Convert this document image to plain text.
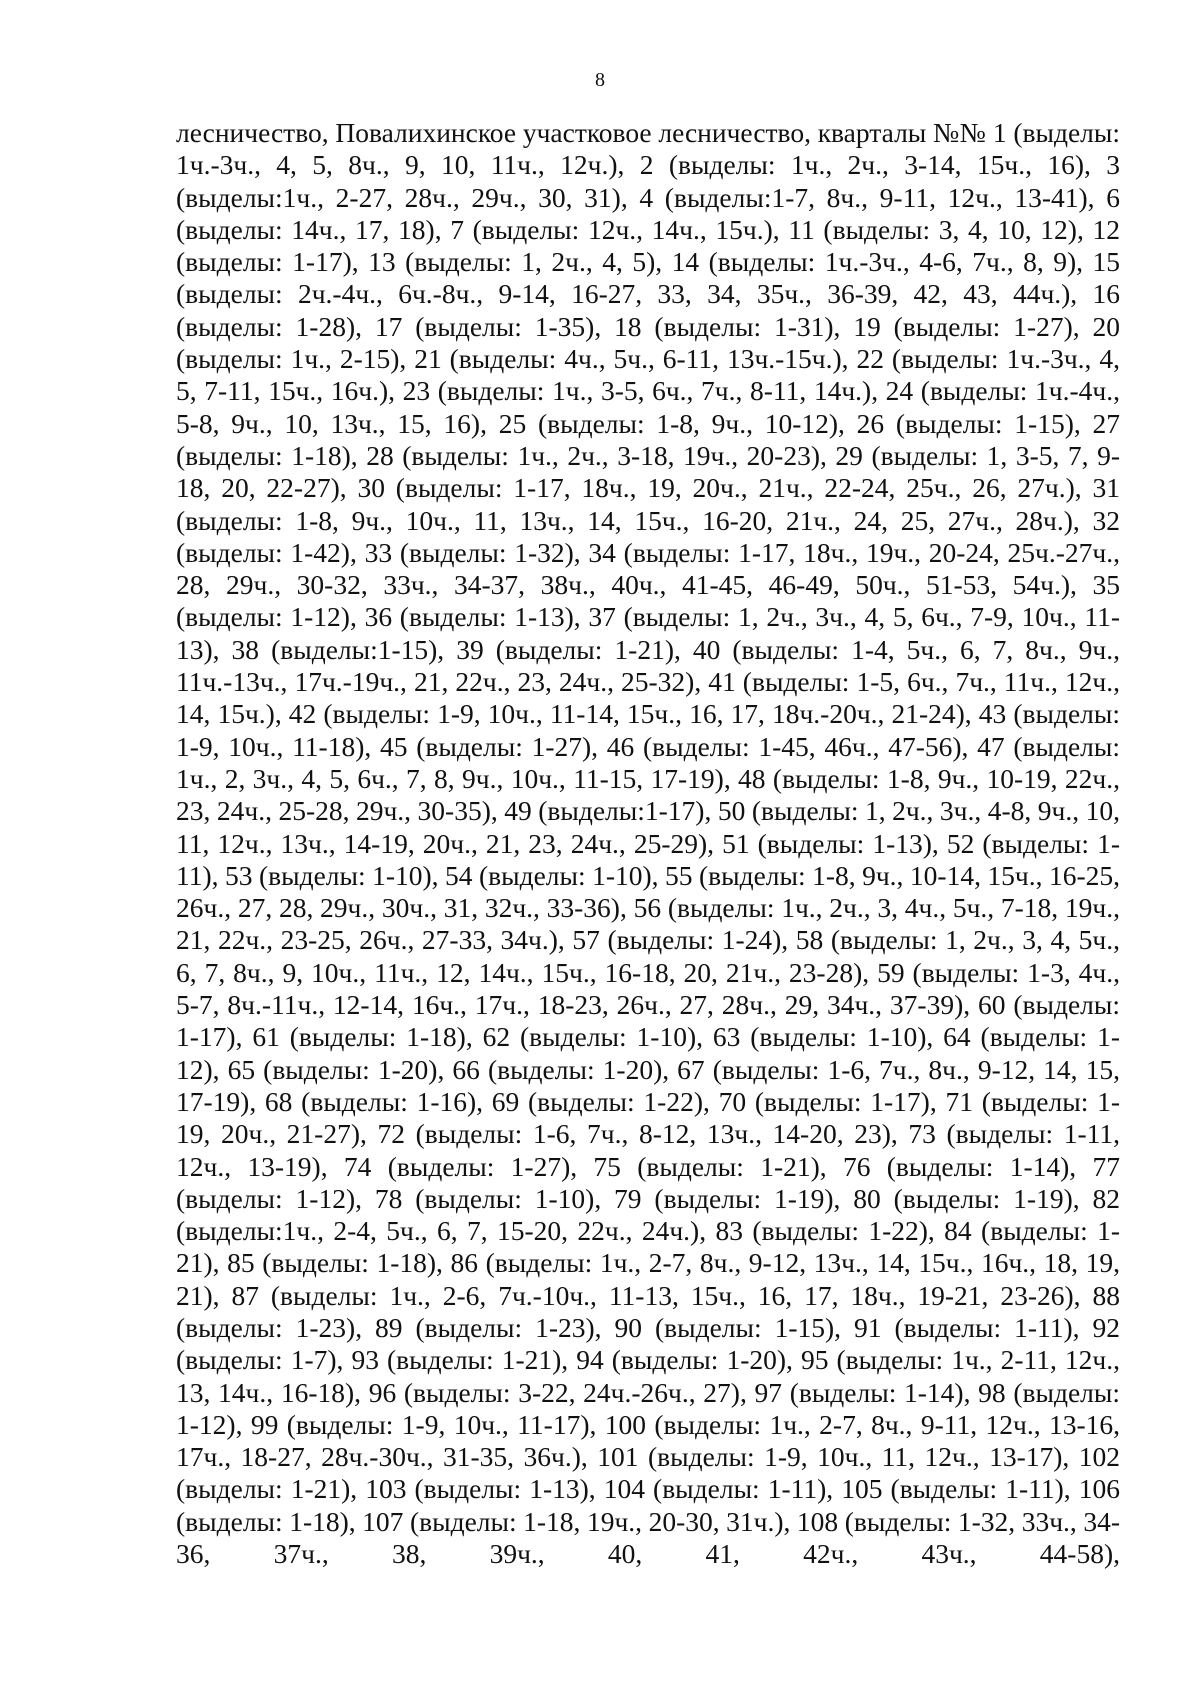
8

лесничество, Повалихинское участковое лесничество, кварталы №№ 1 (выделы: 1ч.-3ч., 4, 5, 8ч., 9, 10, 11ч., 12ч.), 2 (выделы: 1ч., 2ч., 3-14, 15ч., 16), 3 (выделы:1ч., 2-27, 28ч., 29ч., 30, 31), 4 (выделы:1-7, 8ч., 9-11, 12ч., 13-41), 6 (выделы: 14ч., 17, 18), 7 (выделы: 12ч., 14ч., 15ч.), 11 (выделы: 3, 4, 10, 12), 12 (выделы: 1-17), 13 (выделы: 1, 2ч., 4, 5), 14 (выделы: 1ч.-3ч., 4-6, 7ч., 8, 9), 15 (выделы: 2ч.-4ч., 6ч.-8ч., 9-14, 16-27, 33, 34, 35ч., 36-39, 42, 43, 44ч.), 16 (выделы: 1-28), 17 (выделы: 1-35), 18 (выделы: 1-31), 19 (выделы: 1-27), 20 (выделы: 1ч., 2-15), 21 (выделы: 4ч., 5ч., 6-11, 13ч.-15ч.), 22 (выделы: 1ч.-3ч., 4, 5, 7-11, 15ч., 16ч.), 23 (выделы: 1ч., 3-5, 6ч., 7ч., 8-11, 14ч.), 24 (выделы: 1ч.-4ч., 5-8, 9ч., 10, 13ч., 15, 16), 25 (выделы: 1-8, 9ч., 10-12), 26 (выделы: 1-15), 27 (выделы: 1-18), 28 (выделы: 1ч., 2ч., 3-18, 19ч., 20-23), 29 (выделы: 1, 3-5, 7, 9-18, 20, 22-27), 30 (выделы: 1-17, 18ч., 19, 20ч., 21ч., 22-24, 25ч., 26, 27ч.), 31 (выделы: 1-8, 9ч., 10ч., 11, 13ч., 14, 15ч., 16-20, 21ч., 24, 25, 27ч., 28ч.), 32 (выделы: 1-42), 33 (выделы: 1-32), 34 (выделы: 1-17, 18ч., 19ч., 20-24, 25ч.-27ч., 28, 29ч., 30-32, 33ч., 34-37, 38ч., 40ч., 41-45, 46-49, 50ч., 51-53, 54ч.), 35 (выделы: 1-12), 36 (выделы: 1-13), 37 (выделы: 1, 2ч., 3ч., 4, 5, 6ч., 7-9, 10ч., 11-13), 38 (выделы:1-15), 39 (выделы: 1-21), 40 (выделы: 1-4, 5ч., 6, 7, 8ч., 9ч., 11ч.-13ч., 17ч.-19ч., 21, 22ч., 23, 24ч., 25-32), 41 (выделы: 1-5, 6ч., 7ч., 11ч., 12ч., 14, 15ч.), 42 (выделы: 1-9, 10ч., 11-14, 15ч., 16, 17, 18ч.-20ч., 21-24), 43 (выделы: 1-9, 10ч., 11-18), 45 (выделы: 1-27), 46 (выделы: 1-45, 46ч., 47-56), 47 (выделы: 1ч., 2, 3ч., 4, 5, 6ч., 7, 8, 9ч., 10ч., 11-15, 17-19), 48 (выделы: 1-8, 9ч., 10-19, 22ч., 23, 24ч., 25-28, 29ч., 30-35), 49 (выделы:1-17), 50 (выделы: 1, 2ч., 3ч., 4-8, 9ч., 10, 11, 12ч., 13ч., 14-19, 20ч., 21, 23, 24ч., 25-29), 51 (выделы: 1-13), 52 (выделы: 1-11), 53 (выделы: 1-10), 54 (выделы: 1-10), 55 (выделы: 1-8, 9ч., 10-14, 15ч., 16-25, 26ч., 27, 28, 29ч., 30ч., 31, 32ч., 33-36), 56 (выделы: 1ч., 2ч., 3, 4ч., 5ч., 7-18, 19ч., 21, 22ч., 23-25, 26ч., 27-33, 34ч.), 57 (выделы: 1-24), 58 (выделы: 1, 2ч., 3, 4, 5ч., 6, 7, 8ч., 9, 10ч., 11ч., 12, 14ч., 15ч., 16-18, 20, 21ч., 23-28), 59 (выделы: 1-3, 4ч., 5-7, 8ч.-11ч., 12-14, 16ч., 17ч., 18-23, 26ч., 27, 28ч., 29, 34ч., 37-39), 60 (выделы: 1-17), 61 (выделы: 1-18), 62 (выделы: 1-10), 63 (выделы: 1-10), 64 (выделы: 1-12), 65 (выделы: 1-20), 66 (выделы: 1-20), 67 (выделы: 1-6, 7ч., 8ч., 9-12, 14, 15, 17-19), 68 (выделы: 1-16), 69 (выделы: 1-22), 70 (выделы: 1-17), 71 (выделы: 1-19, 20ч., 21-27), 72 (выделы: 1-6, 7ч., 8-12, 13ч., 14-20, 23), 73 (выделы: 1-11, 12ч., 13-19), 74 (выделы: 1-27), 75 (выделы: 1-21), 76 (выделы: 1-14), 77 (выделы: 1-12), 78 (выделы: 1-10), 79 (выделы: 1-19), 80 (выделы: 1-19), 82 (выделы:1ч., 2-4, 5ч., 6, 7, 15-20, 22ч., 24ч.), 83 (выделы: 1-22), 84 (выделы: 1-21), 85 (выделы: 1-18), 86 (выделы: 1ч., 2-7, 8ч., 9-12, 13ч., 14, 15ч., 16ч., 18, 19, 21), 87 (выделы: 1ч., 2-6, 7ч.-10ч., 11-13, 15ч., 16, 17, 18ч., 19-21, 23-26), 88 (выделы: 1-23), 89 (выделы: 1-23), 90 (выделы: 1-15), 91 (выделы: 1-11), 92 (выделы: 1-7), 93 (выделы: 1-21), 94 (выделы: 1-20), 95 (выделы: 1ч., 2-11, 12ч., 13, 14ч., 16-18), 96 (выделы: 3-22, 24ч.-26ч., 27), 97 (выделы: 1-14), 98 (выделы: 1-12), 99 (выделы: 1-9, 10ч., 11-17), 100 (выделы: 1ч., 2-7, 8ч., 9-11, 12ч., 13-16, 17ч., 18-27, 28ч.-30ч., 31-35, 36ч.), 101 (выделы: 1-9, 10ч., 11, 12ч., 13-17), 102 (выделы: 1-21), 103 (выделы: 1-13), 104 (выделы: 1-11), 105 (выделы: 1-11), 106 (выделы: 1-18), 107 (выделы: 1-18, 19ч., 20-30, 31ч.), 108 (выделы: 1-32, 33ч., 34-36, 37ч., 38, 39ч., 40, 41, 42ч., 43ч., 44-58),
